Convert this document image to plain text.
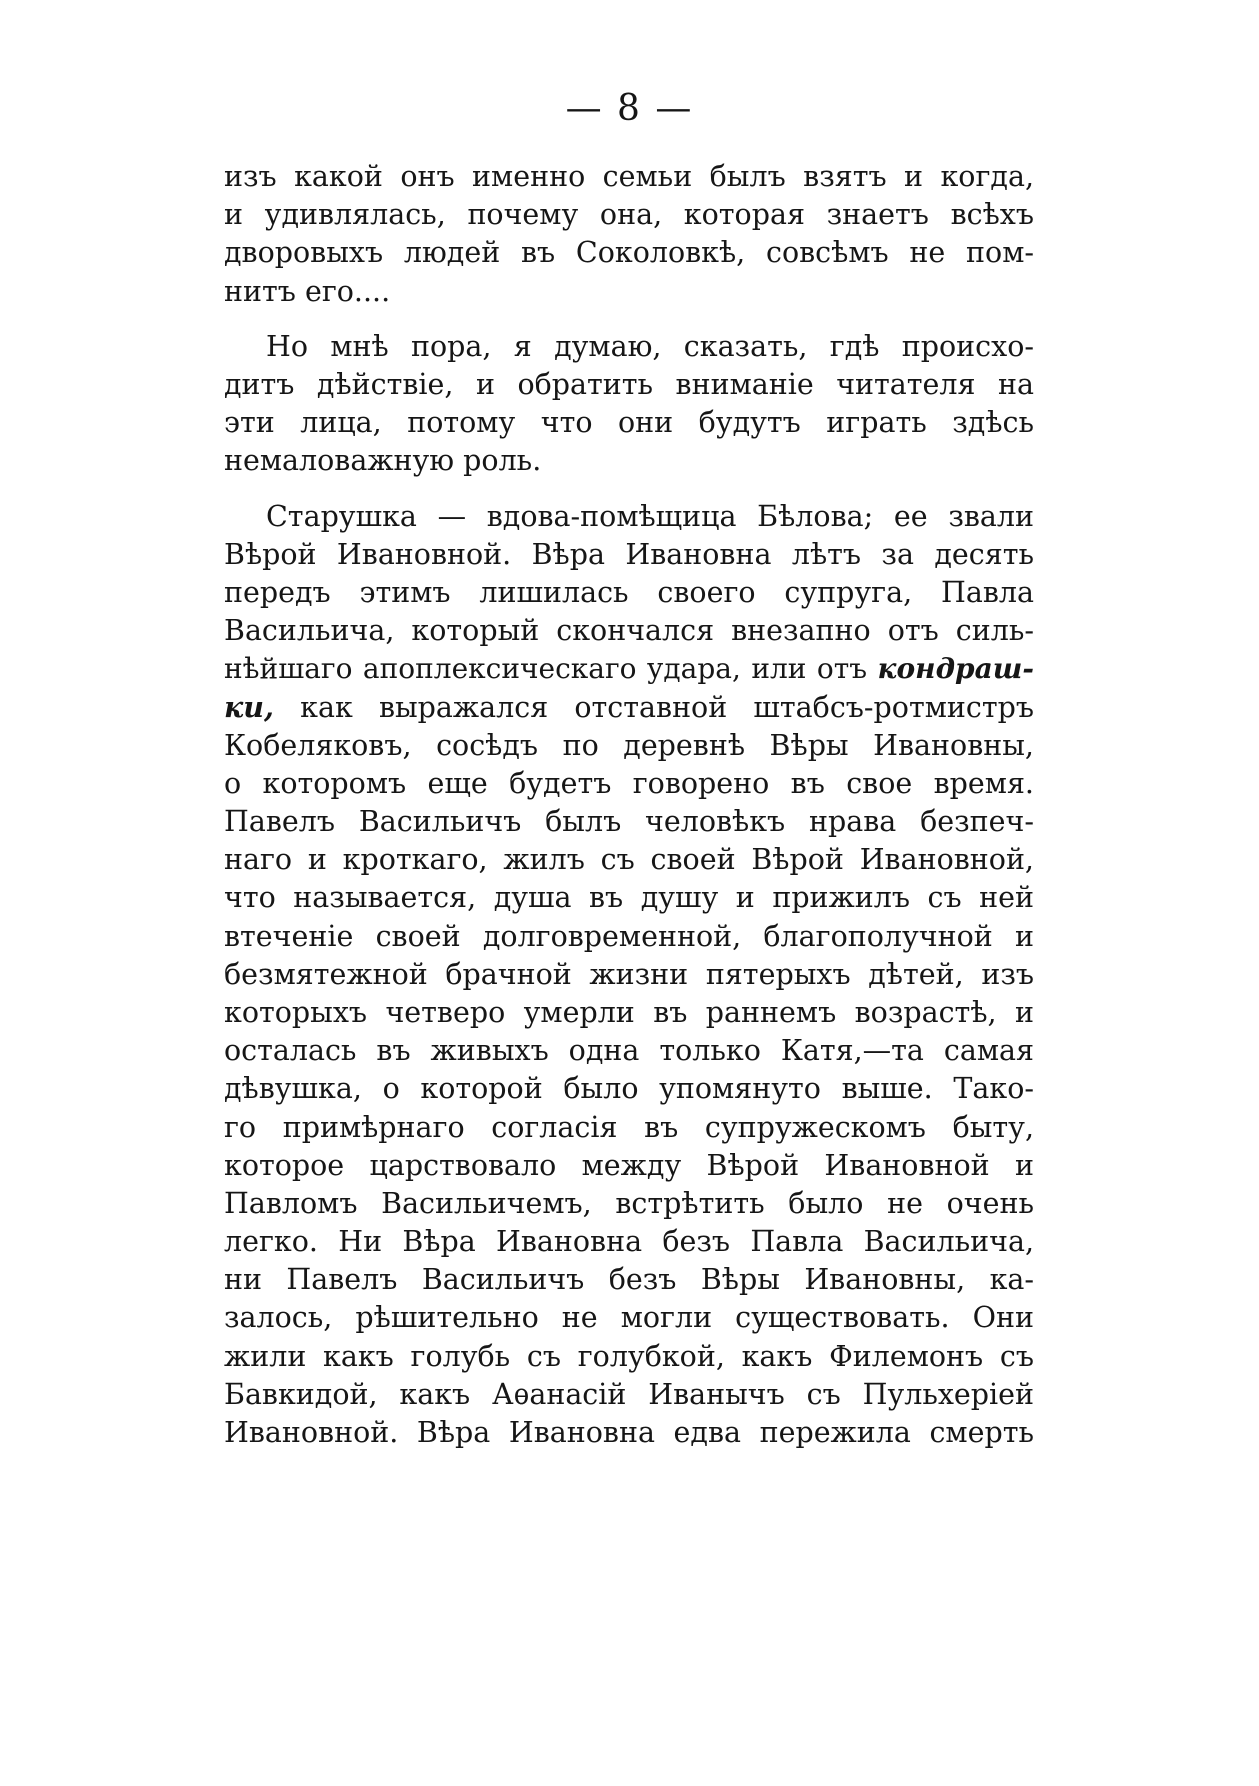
— 8 —
изъ какой онъ именно семьи былъ взятъ и когда,
и удивлялась, почему она, которая знаетъ всѣхъ
дворовыхъ людей въ Соколовкѣ, совсѣмъ не пом-
нитъ его....
Но мнѣ пора, я думаю, сказать, гдѣ происхо-
дитъ дѣйствіе, и обратить вниманіе читателя на
эти лица, потому что они будутъ играть здѣсь
немаловажную роль.
Старушка — вдова-помѣщица Бѣлова; ее звали
Вѣрой Ивановной. Вѣра Ивановна лѣтъ за десять
передъ этимъ лишилась своего супруга, Павла
Васильича, который скончался внезапно отъ силь-
нѣйшаго апоплексическаго удара, или отъ кондраш-
ки, как выражался отставной штабсъ-ротмистръ
Кобеляковъ, сосѣдъ по деревнѣ Вѣры Ивановны,
о которомъ еще будетъ говорено въ свое время.
Павелъ Васильичъ былъ человѣкъ нрава безпеч-
наго и кроткаго, жилъ съ своей Вѣрой Ивановной,
что называется, душа въ душу и прижилъ съ ней
втеченіе своей долговременной, благополучной и
безмятежной брачной жизни пятерыхъ дѣтей, изъ
которыхъ четверо умерли въ раннемъ возрастѣ, и
осталась въ живыхъ одна только Катя,—та самая
дѣвушка, о которой было упомянуто выше. Тако-
го примѣрнаго согласія въ супружескомъ быту,
которое царствовало между Вѣрой Ивановной и
Павломъ Васильичемъ, встрѣтить было не очень
легко. Ни Вѣра Ивановна безъ Павла Васильича,
ни Павелъ Васильичъ безъ Вѣры Ивановны, ка-
залось, рѣшительно не могли существовать. Они
жили какъ голубь съ голубкой, какъ Филемонъ съ
Бавкидой, какъ Аѳанасій Иванычъ съ Пульхеріей
Ивановной. Вѣра Ивановна едва пережила смерть
